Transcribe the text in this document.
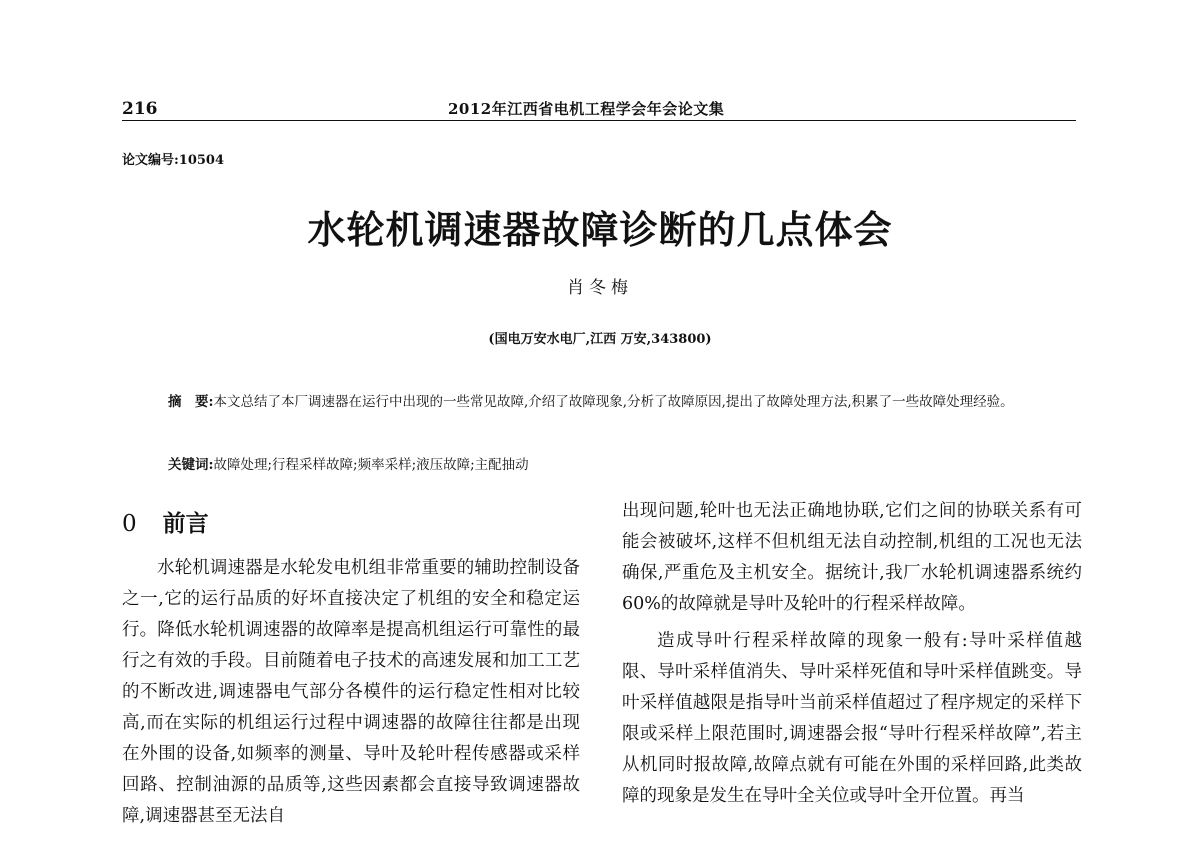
216	2012年江西省电机工程学会年会论文集
论文编号:10504
水轮机调速器故障诊断的几点体会
肖冬梅
(国电万安水电厂,江西 万安,343800)
摘　要:本文总结了本厂调速器在运行中出现的一些常见故障,介绍了故障现象,分析了故障原因,提出了故障处理方法,积累了一些故障处理经验。
关键词:故障处理;行程采样故障;频率采样;液压故障;主配抽动
0 前言

水轮机调速器是水轮发电机组非常重要的辅助控制设备之一,它的运行品质的好坏直接决定了机组的安全和稳定运行。降低水轮机调速器的故障率是提高机组运行可靠性的最行之有效的手段。目前随着电子技术的高速发展和加工工艺的不断改进,调速器电气部分各模件的运行稳定性相对比较高,而在实际的机组运行过程中调速器的故障往往都是出现在外围的设备,如频率的测量、导叶及轮叶程传感器或采样回路、控制油源的品质等,这些因素都会直接导致调速器故障,调速器甚至无法自

出现问题,轮叶也无法正确地协联,它们之间的协联关系有可能会被破坏,这样不但机组无法自动控制,机组的工况也无法确保,严重危及主机安全。据统计,我厂水轮机调速器系统约60%的故障就是导叶及轮叶的行程采样故障。

造成导叶行程采样故障的现象一般有:导叶采样值越限、导叶采样值消失、导叶采样死值和导叶采样值跳变。导叶采样值越限是指导叶当前采样值超过了程序规定的采样下限或采样上限范围时,调速器会报“导叶行程采样故障”,若主从机同时报故障,故障点就有可能在外围的采样回路,此类故障的现象是发生在导叶全关位或导叶全开位置。再当
